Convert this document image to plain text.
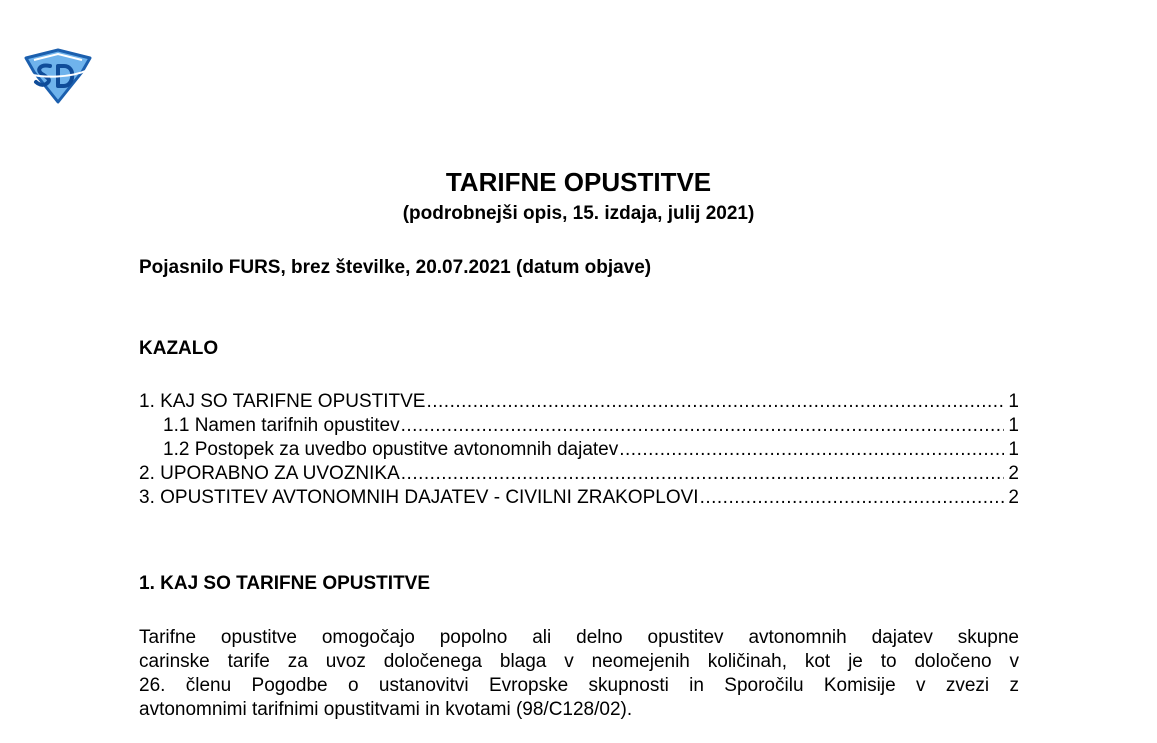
TARIFNE OPUSTITVE
(podrobnejši opis, 15. izdaja, julij 2021)
Pojasnilo FURS, brez številke, 20.07.2021 (datum objave)
KAZALO
1. KAJ SO TARIFNE OPUSTITVE .....	1
1.1 Namen tarifnih opustitev .....	1
1.2 Postopek za uvedbo opustitve avtonomnih dajatev .....	1
2. UPORABNO ZA UVOZNIKA .....	2
3. OPUSTITEV AVTONOMNIH DAJATEV - CIVILNI ZRAKOPLOVI .....	2
1. KAJ SO TARIFNE OPUSTITVE
Tarifne opustitve omogočajo popolno ali delno opustitev avtonomnih dajatev skupne
carinske tarife za uvoz določenega blaga v neomejenih količinah, kot je to določeno v
26. členu Pogodbe o ustanovitvi Evropske skupnosti in Sporočilu Komisije v zvezi z
avtonomnimi tarifnimi opustitvami in kvotami (98/C128/02).
